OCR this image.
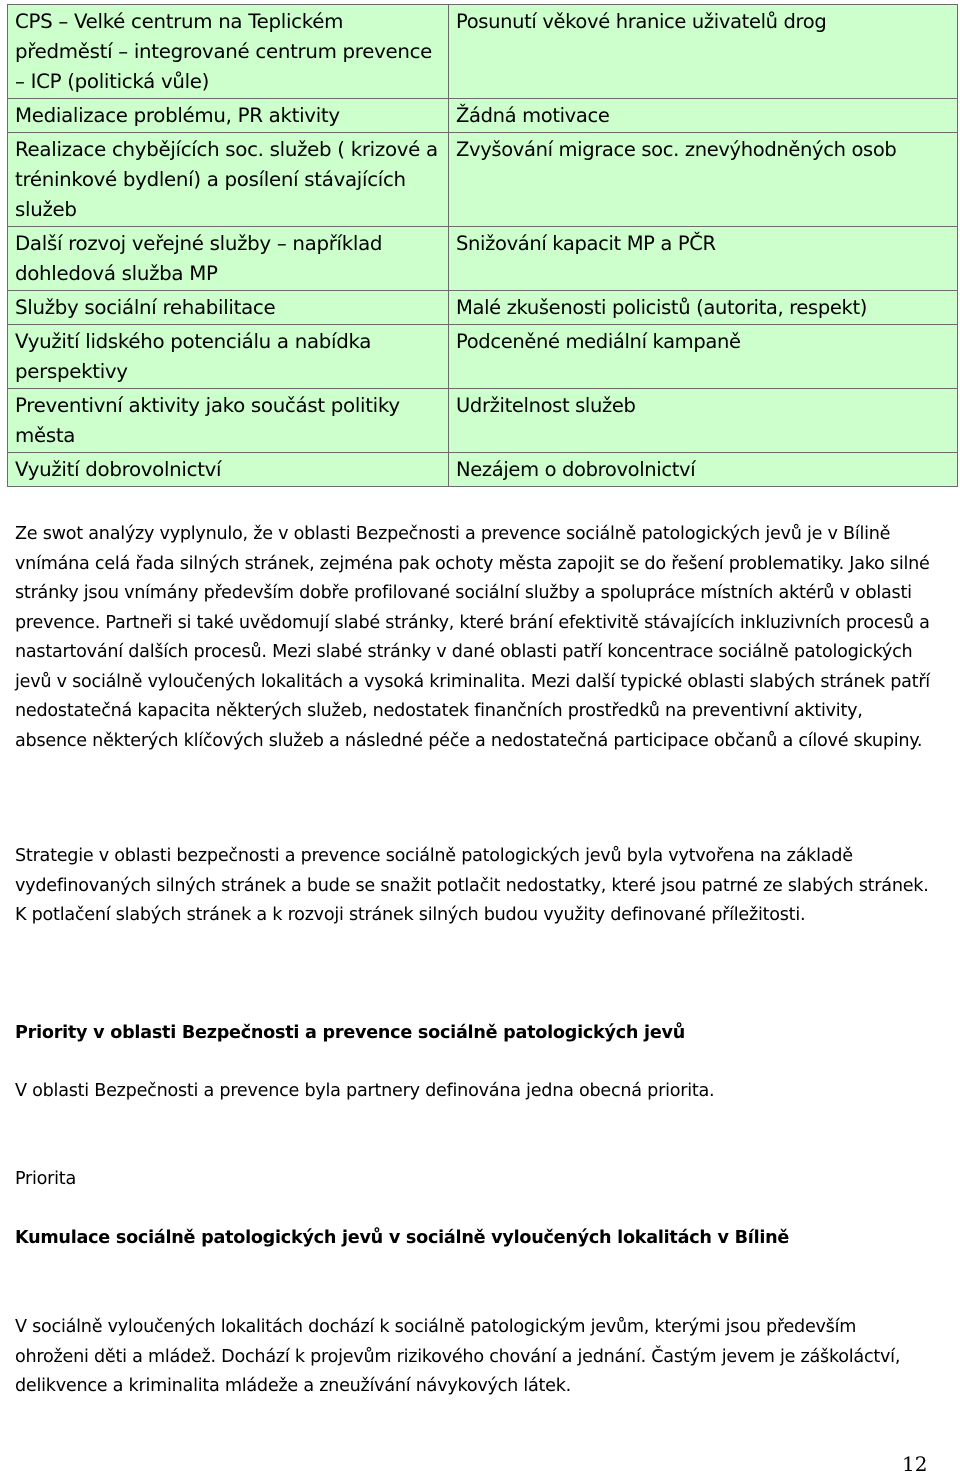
CPS – Velké centrum na Teplickém předměstí – integrované centrum prevence – ICP (politická vůle)	Posunutí věkové hranice uživatelů drog
Medializace problému, PR aktivity	Žádná motivace
Realizace chybějících soc. služeb ( krizové a tréninkové bydlení) a posílení stávajících služeb	Zvyšování migrace soc. znevýhodněných osob
Další rozvoj veřejné služby – například dohledová služba MP	Snižování kapacit MP a PČR
Služby sociální rehabilitace	Malé zkušenosti policistů (autorita, respekt)
Využití lidského potenciálu a nabídka perspektivy	Podceněné mediální kampaně
Preventivní aktivity jako součást politiky města	Udržitelnost služeb
Využití dobrovolnictví	Nezájem o dobrovolnictví

Ze swot analýzy vyplynulo, že v oblasti Bezpečnosti a prevence sociálně patologických jevů je v Bílině vnímána celá řada silných stránek, zejména pak ochoty města zapojit se do řešení problematiky. Jako silné stránky jsou vnímány především dobře profilované sociální služby a spolupráce místních aktérů v oblasti prevence. Partneři si také uvědomují slabé stránky, které brání efektivitě stávajících inkluzivních procesů a nastartování dalších procesů. Mezi slabé stránky v dané oblasti patří koncentrace sociálně patologických jevů v sociálně vyloučených lokalitách a vysoká kriminalita. Mezi další typické oblasti slabých stránek patří nedostatečná kapacita některých služeb, nedostatek finančních prostředků na preventivní aktivity, absence některých klíčových služeb a následné péče a nedostatečná participace občanů a cílové skupiny.

Strategie v oblasti bezpečnosti a prevence sociálně patologických jevů byla vytvořena na základě vydefinovaných silných stránek a bude se snažit potlačit nedostatky, které jsou patrné ze slabých stránek. K potlačení slabých stránek a k rozvoji stránek silných budou využity definované příležitosti.

Priority v oblasti Bezpečnosti a prevence sociálně patologických jevů

V oblasti Bezpečnosti a prevence byla partnery definována jedna obecná priorita.

Priorita

Kumulace sociálně patologických jevů v sociálně vyloučených lokalitách v Bílině

V sociálně vyloučených lokalitách dochází k sociálně patologickým jevům, kterými jsou především ohroženi děti a mládež. Dochází k projevům rizikového chování a jednání. Častým jevem je záškoláctví, delikvence a kriminalita mládeže a zneužívání návykových látek.

12
